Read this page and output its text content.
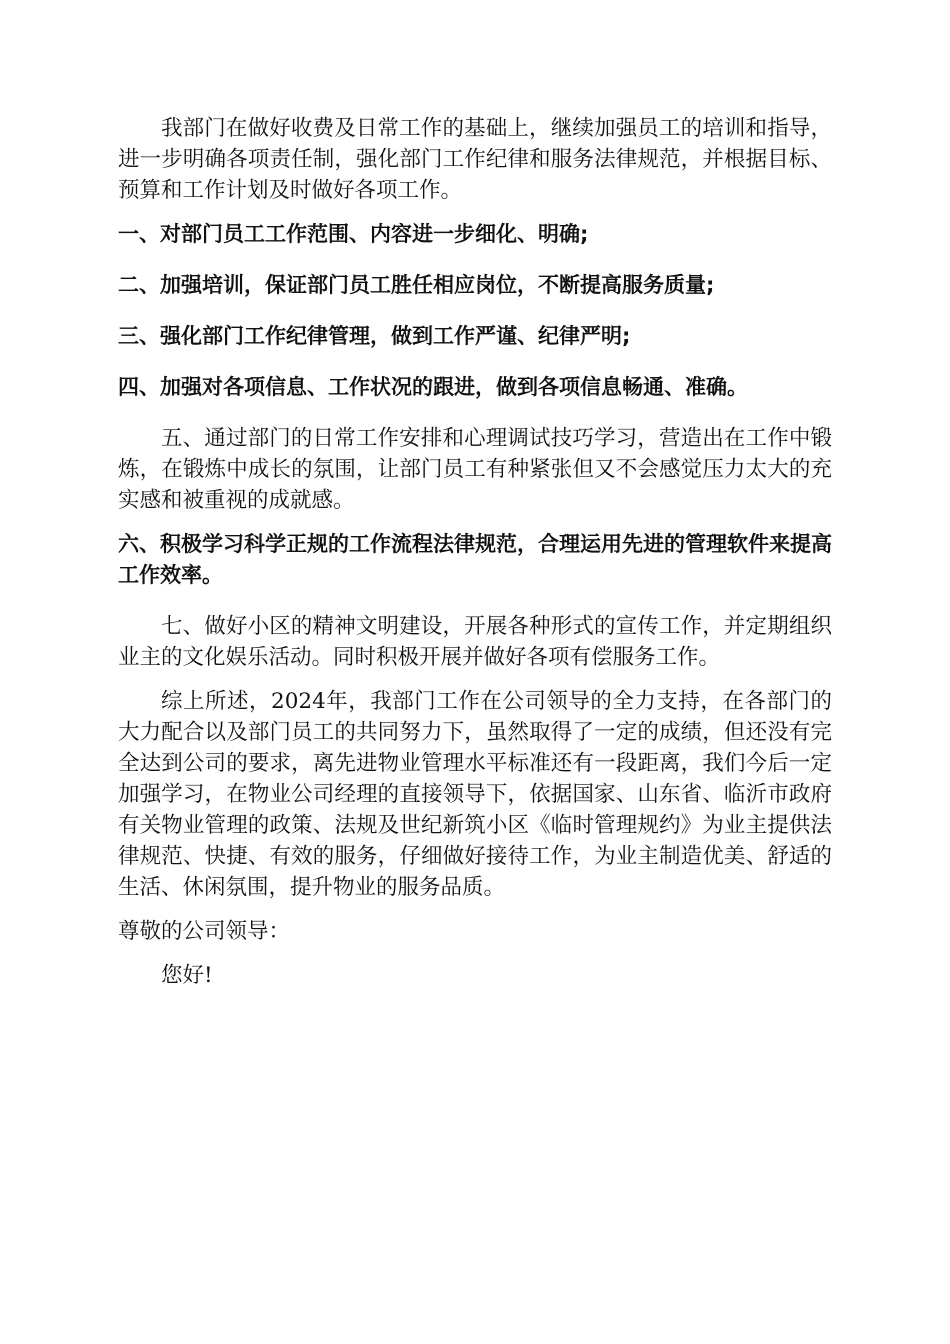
我部门在做好收费及日常工作的基础上，继续加强员工的培训和指导，进一步明确各项责任制，强化部门工作纪律和服务法律规范，并根据目标、预算和工作计划及时做好各项工作。

一、对部门员工工作范围、内容进一步细化、明确;

二、加强培训，保证部门员工胜任相应岗位，不断提高服务质量;

三、强化部门工作纪律管理，做到工作严谨、纪律严明;

四、加强对各项信息、工作状况的跟进，做到各项信息畅通、准确。

五、通过部门的日常工作安排和心理调试技巧学习，营造出在工作中锻炼，在锻炼中成长的氛围，让部门员工有种紧张但又不会感觉压力太大的充实感和被重视的成就感。

六、积极学习科学正规的工作流程法律规范，合理运用先进的管理软件来提高工作效率。

七、做好小区的精神文明建设，开展各种形式的宣传工作，并定期组织业主的文化娱乐活动。同时积极开展并做好各项有偿服务工作。

综上所述，2024年，我部门工作在公司领导的全力支持，在各部门的大力配合以及部门员工的共同努力下，虽然取得了一定的成绩，但还没有完全达到公司的要求，离先进物业管理水平标准还有一段距离，我们今后一定加强学习，在物业公司经理的直接领导下，依据国家、山东省、临沂市政府有关物业管理的政策、法规及世纪新筑小区《临时管理规约》为业主提供法律规范、快捷、有效的服务，仔细做好接待工作，为业主制造优美、舒适的生活、休闲氛围，提升物业的服务品质。

尊敬的公司领导：

您好!
